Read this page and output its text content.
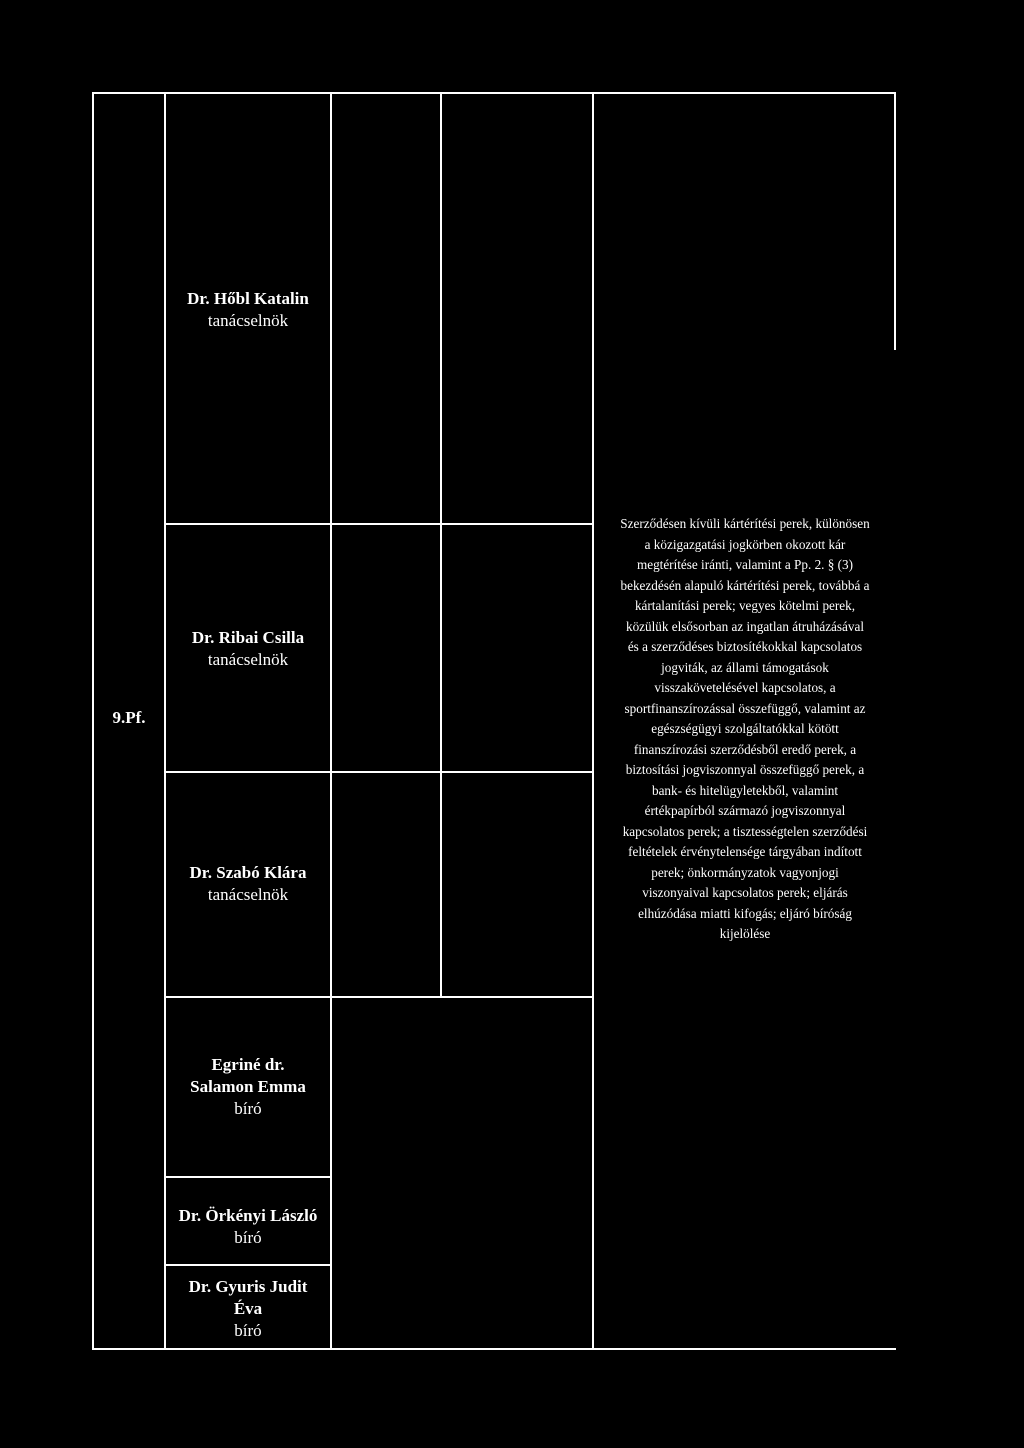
9.Pf.
Dr. Hőbl Katalin
tanácselnök
Dr. Ribai Csilla
tanácselnök
Dr. Szabó Klára
tanácselnök
Egriné dr.
Salamon Emma
bíró
Dr. Örkényi László
bíró
Dr. Gyuris Judit
Éva
bíró
Szerződésen kívüli kártérítési perek, különösen
a közigazgatási jogkörben okozott kár
megtérítése iránti, valamint a Pp. 2. § (3)
bekezdésén alapuló kártérítési perek, továbbá a
kártalanítási perek; vegyes kötelmi perek,
közülük elsősorban az ingatlan átruházásával
és a szerződéses biztosítékokkal kapcsolatos
jogviták, az állami támogatások
visszakövetelésével kapcsolatos, a
sportfinanszírozással összefüggő, valamint az
egészségügyi szolgáltatókkal kötött
finanszírozási szerződésből eredő perek, a
biztosítási jogviszonnyal összefüggő perek, a
bank- és hitelügyletekből, valamint
értékpapírból származó jogviszonnyal
kapcsolatos perek; a tisztességtelen szerződési
feltételek érvénytelensége tárgyában indított
perek; önkormányzatok vagyonjogi
viszonyaival kapcsolatos perek; eljárás
elhúzódása miatti kifogás; eljáró bíróság
kijelölése
